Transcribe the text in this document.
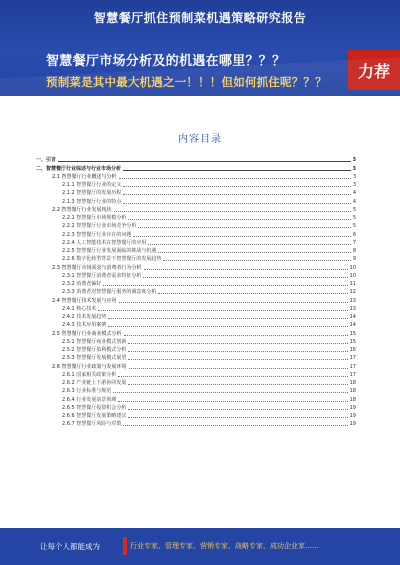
智慧餐厅抓住预制菜机遇策略研究报告
智慧餐厅市场分析及的机遇在哪里？？？
预制菜是其中最大机遇之一！！！但如何抓住呢？？？
力荐
内容目录
一、引言	3
二、智慧餐厅行业综述与行业市场分析	3
2.1 智慧餐厅行业概述与分析	3
2.1.1 智慧餐厅行业的定义	3
2.1.2 智慧餐厅的发展历程	4
2.1.3 智慧餐厅行业的特点	4
2.2 智慧餐厅行业发展现状	5
2.2.1 智慧餐厅市场规模分析	5
2.2.2 智慧餐厅行业市场竞争分析	5
2.2.3 智慧餐厅行业存在的问题	6
2.2.4 人工智能技术在智慧餐厅的应用	7
2.2.5 智慧餐厅行业发展面临的挑战与机遇	8
2.2.6 数字化转型背景下智慧餐厅的发展趋势	9
2.3 智慧餐厅市场需求与消费者行为分析	10
2.3.1 智慧餐厅消费者需求特征分析	10
2.3.2 消费者偏好	11
2.3.3 消费者对智慧餐厅服务的满意度分析	12
2.4 智慧餐厅技术发展与应用	13
2.4.1 核心技术	13
2.4.2 技术发展趋势	14
2.4.3 技术应用案例	14
2.5 智慧餐厅行业商业模式分析	15
2.5.1 智慧餐厅商业模式创新	15
2.5.2 智慧餐厅盈利模式分析	16
2.5.3 智慧餐厅发展模式展望	17
2.6 智慧餐厅行业政策与发展环境	17
2.6.1 国家相关政策分析	17
2.6.2 产业链上下游协同发展	18
2.6.3 行业标准与规范	18
2.6.4 行业发展前景预测	18
2.6.5 智慧餐厅投资机会分析	19
2.6.6 智慧餐厅发展策略建议	19
2.6.7 智慧餐厅风险与对策	19
让每个人都能成为	行业专家、管理专家、营销专家、战略专家、成功企业家……
